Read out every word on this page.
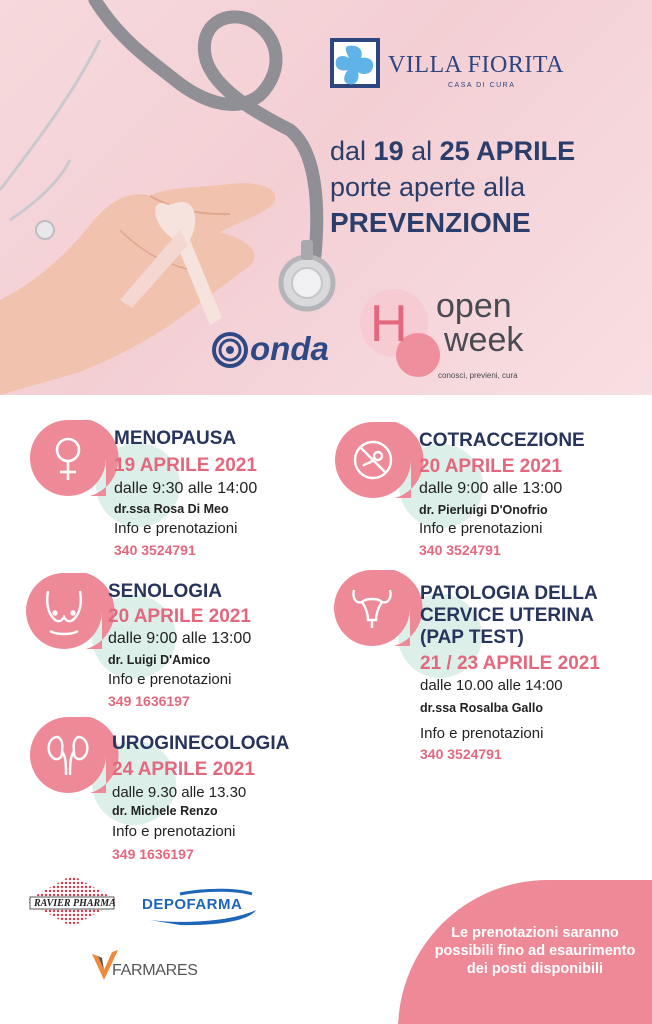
VILLA FIORITA
CASA DI CURA
dal 19 al 25 APRILE
porte aperte alla
PREVENZIONE
onda H open
week
conosci, previeni, cura
MENOPAUSA
19 APRILE 2021
dalle 9:30 alle 14:00
dr.ssa Rosa Di Meo
Info e prenotazioni
340 3524791
COTRACCEZIONE
20 APRILE 2021
dalle 9:00 alle 13:00
dr. Pierluigi D'Onofrio
Info e prenotazioni
340 3524791
SENOLOGIA
20 APRILE 2021
dalle 9:00 alle 13:00
dr. Luigi D'Amico
Info e prenotazioni
349 1636197
PATOLOGIA DELLA
CERVICE UTERINA
(PAP TEST)
21 / 23 APRILE 2021
dalle 10.00 alle 14:00
dr.ssa Rosalba Gallo
Info e prenotazioni
340 3524791
UROGINECOLOGIA
24 APRILE 2021
dalle 9.30 alle 13.30
dr. Michele Renzo
Info e prenotazioni
349 1636197
RAVIER PHARMA DEPOFARMA
FARMARES
Le prenotazioni saranno possibili fino ad esaurimento dei posti disponibili
